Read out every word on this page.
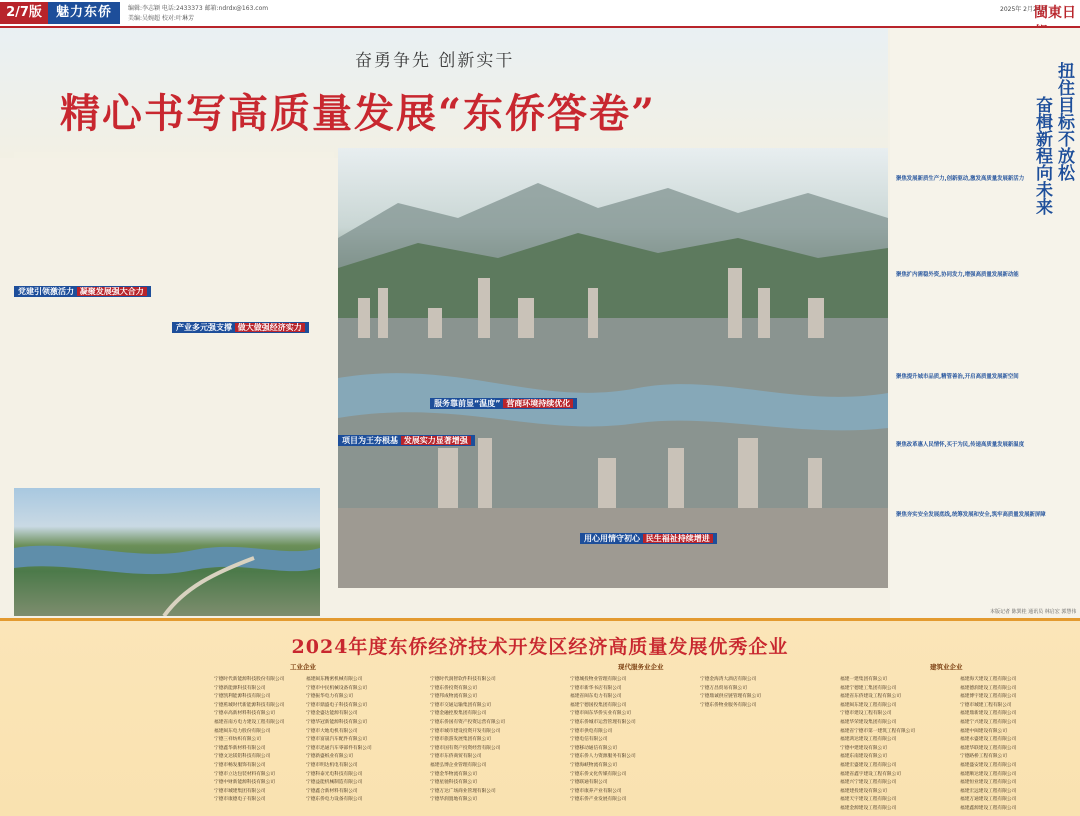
2/7版	魅力东侨	编辑:李志颖 电话:2433373 邮箱:ndrdx@163.com
美编:吴婉超 校对:叶琳芳
2025年 2月24日
閩東日
奋勇争先 创新实干
精心书写高质量发展“东侨答卷”
党建引领激活力 凝聚发展强大合力
产业多元强支撑 做大做强经济实力
项目为王夯根基 发展实力显著增强
服务靠前显“温度” 营商环境持续优化
用心用情守初心 民生福祉持续增进
扭住目标不放松
奋楫新程向未来
聚焦发展新质生产力,创新驱动,激发高质量发展新活力
聚焦扩内需稳外资,协同发力,增强高质量发展新动能
聚焦提升城市品质,精管善治,开启高质量发展新空间
聚焦改革惠人民情怀,买于为民,传递高质量发展新温度
聚焦夯实安全发展底线,统筹发展和安全,筑牢高质量发展新屏障
本版记者 陈巽桂 通讯员 林启宏 郭慧伟
2024年度东侨经济技术开发区经济高质量发展优秀企业
工业企业	现代服务业企业	建筑业企业
宁德时代新能源科技股份有限公司
宁德新能源科技有限公司
宁德凯利能源科技有限公司
宁德蕉城时代新能源科技有限公司
宁德卓高新材料科技有限公司
福建省南方电力建设工程有限公司
福建闽东电力股份有限公司
宁德三祥纺织有限公司
宁德鑫华新材料有限公司
宁德文达镁铝科技有限公司
宁德市畅发服饰有限公司
宁德市立达包装材料有限公司
宁德中财新能源科技有限公司
宁德市城建集团有限公司
宁德市康德电子有限公司
福建闽东精密机械有限公司
宁德市中民机械设备有限公司
宁德振华电力有限公司
宁德市鼎盛电子科技有限公司
宁德金盛达能源有限公司
宁德华冠新能源科技有限公司
宁德市大地电机有限公司
宁德市富晟汽车配件有限公司
宁德市迅通汽车零部件有限公司
宁德新盛纸业有限公司
宁德市明达机电有限公司
宁德科泰光电科技有限公司
宁德益能机械制造有限公司
宁德鑫合新材料有限公司
宁德东侨电力设备有限公司
宁德时代润智软件科技有限公司
宁德东侨投资有限公司
宁德邦成物流有限公司
宁德市交通运输集团有限公司
宁德金融控股集团有限公司
宁德东侨国有资产投资运营有限公司
宁德市城市建设投资开发有限公司
宁德市旅游发展集团有限公司
宁德市国有资产投资经营有限公司
宁德市东侨商贸有限公司
福建弘博企业管理有限公司
宁德金华物流有限公司
宁德星驰科技有限公司
宁德万达广场商业管理有限公司
宁德华润置地有限公司
宁德城投物业管理有限公司
宁德市新华书店有限公司
福建省闽东电力有限公司
福建宁德国投集团有限公司
宁德市闽东华侨实业有限公司
宁德东侨城市运营管理有限公司
宁德市供电有限公司
宁德电信有限公司
宁德移动通信有限公司
宁德东侨人力资源服务有限公司
宁德海峡物流有限公司
宁德东侨文化传媒有限公司
宁德联通有限公司
宁德市康养产业有限公司
宁德东侨产业发展有限公司
宁德金海湾大酒店有限公司
宁德万昌贸易有限公司
宁德鼎诚供应链管理有限公司
宁德东侨物业服务有限公司
福建一建集团有限公司
福建宁德建工集团有限公司
福建省东侨建设工程有限公司
福建闽东建设工程有限公司
宁德市建设工程有限公司
福建华荣建设集团有限公司
福建省宁德市第一建筑工程有限公司
福建鸿达建设工程有限公司
宁德中建建设有限公司
福建东南建设有限公司
福建宏盛建设工程有限公司
福建省鑫宇建设工程有限公司
福建兴宁建设工程有限公司
福建建投建设有限公司
福建天宇建设工程有限公司
福建金源建设工程有限公司
福建海天建设工程有限公司
福建德润建设工程有限公司
福建博宇建设工程有限公司
宁德市城建工程有限公司
福建鼎新建设工程有限公司
福建宁兴建设工程有限公司
福建中闽建设有限公司
福建永盛建设工程有限公司
福建华联建设工程有限公司
宁德路桥工程有限公司
福建盛安建设工程有限公司
福建顺达建设工程有限公司
福建恒业建设工程有限公司
福建宏远建设工程有限公司
福建万通建设工程有限公司
福建鑫源建设工程有限公司
